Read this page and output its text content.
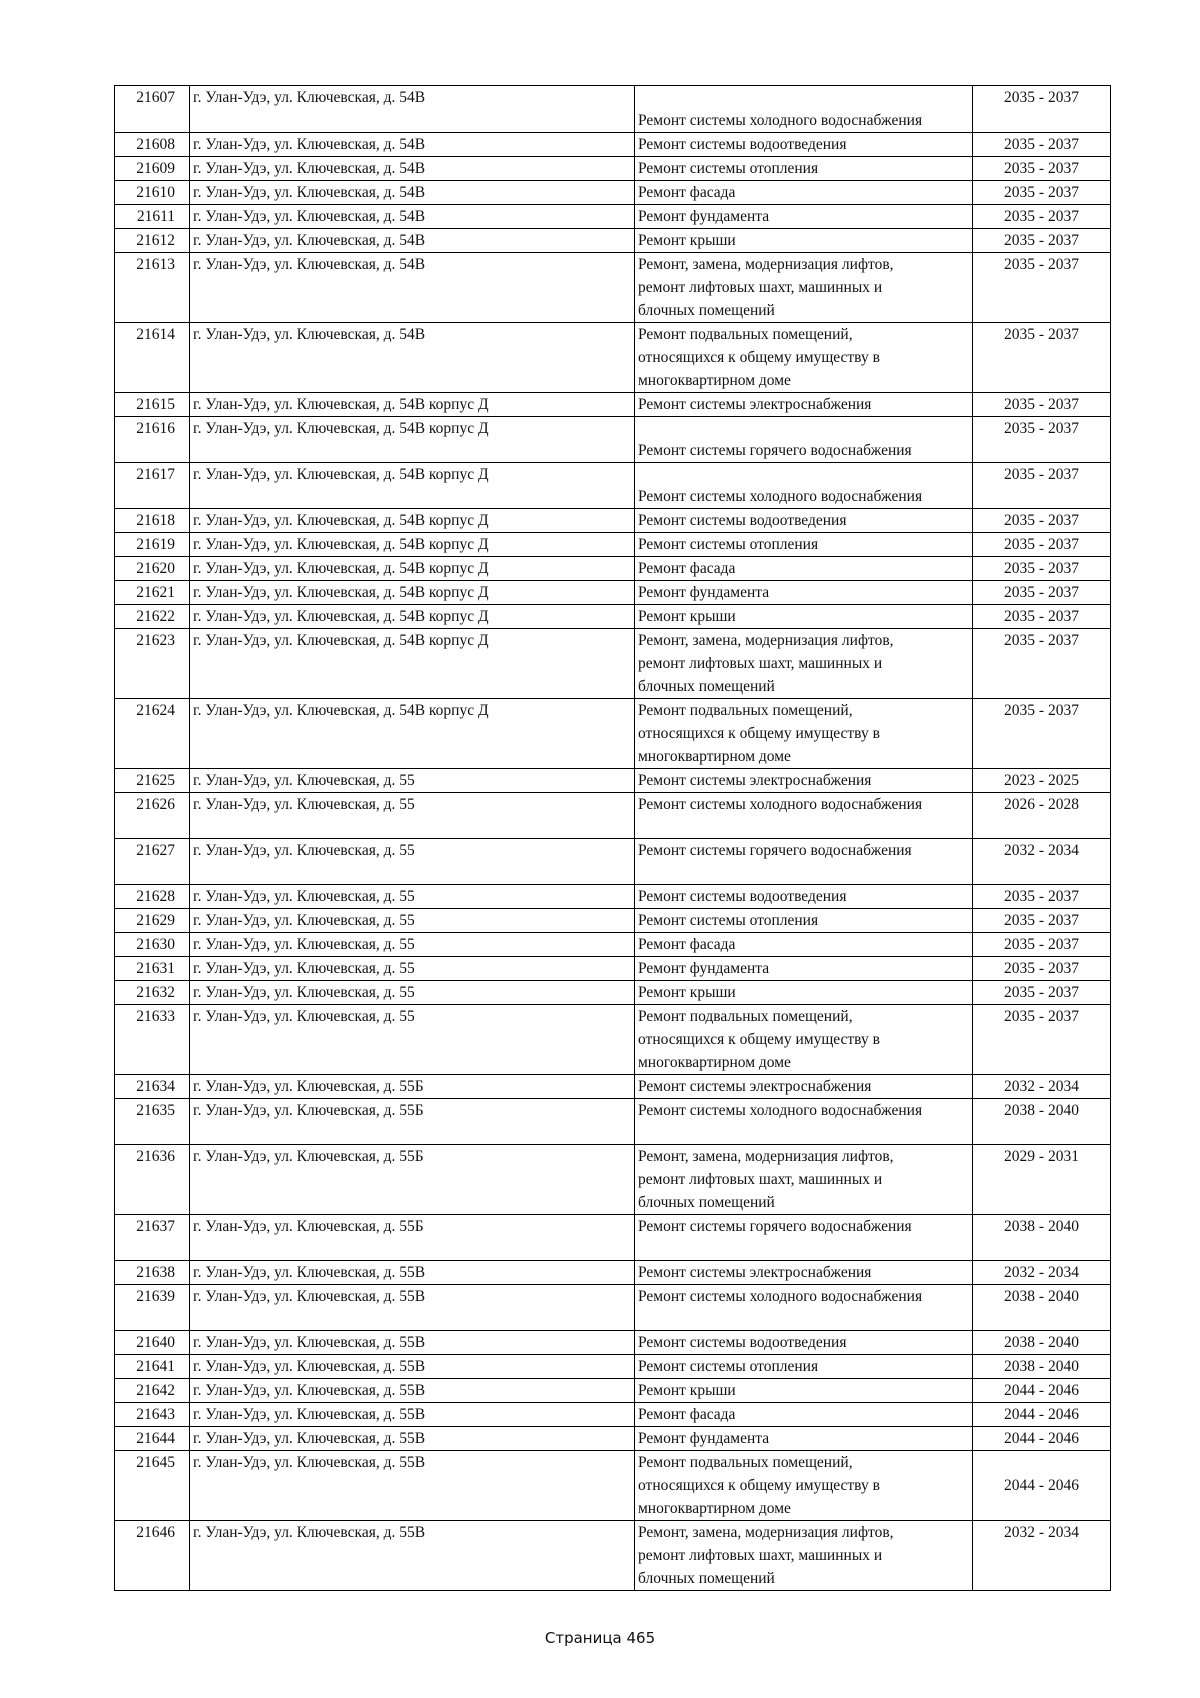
21607	г. Улан-Удэ, ул. Ключевская, д. 54В	Ремонт системы холодного водоснабжения	2035 - 2037
21608	г. Улан-Удэ, ул. Ключевская, д. 54В	Ремонт системы водоотведения	2035 - 2037
21609	г. Улан-Удэ, ул. Ключевская, д. 54В	Ремонт системы отопления	2035 - 2037
21610	г. Улан-Удэ, ул. Ключевская, д. 54В	Ремонт фасада	2035 - 2037
21611	г. Улан-Удэ, ул. Ключевская, д. 54В	Ремонт фундамента	2035 - 2037
21612	г. Улан-Удэ, ул. Ключевская, д. 54В	Ремонт крыши	2035 - 2037
21613	г. Улан-Удэ, ул. Ключевская, д. 54В	Ремонт, замена, модернизация лифтов,
ремонт лифтовых шахт, машинных и
блочных помещений	2035 - 2037
21614	г. Улан-Удэ, ул. Ключевская, д. 54В	Ремонт подвальных помещений,
относящихся к общему имуществу в
многоквартирном доме	2035 - 2037
21615	г. Улан-Удэ, ул. Ключевская, д. 54В корпус Д	Ремонт системы электроснабжения	2035 - 2037
21616	г. Улан-Удэ, ул. Ключевская, д. 54В корпус Д	Ремонт системы горячего водоснабжения	2035 - 2037
21617	г. Улан-Удэ, ул. Ключевская, д. 54В корпус Д	Ремонт системы холодного водоснабжения	2035 - 2037
21618	г. Улан-Удэ, ул. Ключевская, д. 54В корпус Д	Ремонт системы водоотведения	2035 - 2037
21619	г. Улан-Удэ, ул. Ключевская, д. 54В корпус Д	Ремонт системы отопления	2035 - 2037
21620	г. Улан-Удэ, ул. Ключевская, д. 54В корпус Д	Ремонт фасада	2035 - 2037
21621	г. Улан-Удэ, ул. Ключевская, д. 54В корпус Д	Ремонт фундамента	2035 - 2037
21622	г. Улан-Удэ, ул. Ключевская, д. 54В корпус Д	Ремонт крыши	2035 - 2037
21623	г. Улан-Удэ, ул. Ключевская, д. 54В корпус Д	Ремонт, замена, модернизация лифтов,
ремонт лифтовых шахт, машинных и
блочных помещений	2035 - 2037
21624	г. Улан-Удэ, ул. Ключевская, д. 54В корпус Д	Ремонт подвальных помещений,
относящихся к общему имуществу в
многоквартирном доме	2035 - 2037
21625	г. Улан-Удэ, ул. Ключевская, д. 55	Ремонт системы электроснабжения	2023 - 2025
21626	г. Улан-Удэ, ул. Ключевская, д. 55	Ремонт системы холодного водоснабжения	2026 - 2028
21627	г. Улан-Удэ, ул. Ключевская, д. 55	Ремонт системы горячего водоснабжения	2032 - 2034
21628	г. Улан-Удэ, ул. Ключевская, д. 55	Ремонт системы водоотведения	2035 - 2037
21629	г. Улан-Удэ, ул. Ключевская, д. 55	Ремонт системы отопления	2035 - 2037
21630	г. Улан-Удэ, ул. Ключевская, д. 55	Ремонт фасада	2035 - 2037
21631	г. Улан-Удэ, ул. Ключевская, д. 55	Ремонт фундамента	2035 - 2037
21632	г. Улан-Удэ, ул. Ключевская, д. 55	Ремонт крыши	2035 - 2037
21633	г. Улан-Удэ, ул. Ключевская, д. 55	Ремонт подвальных помещений,
относящихся к общему имуществу в
многоквартирном доме	2035 - 2037
21634	г. Улан-Удэ, ул. Ключевская, д. 55Б	Ремонт системы электроснабжения	2032 - 2034
21635	г. Улан-Удэ, ул. Ключевская, д. 55Б	Ремонт системы холодного водоснабжения	2038 - 2040
21636	г. Улан-Удэ, ул. Ключевская, д. 55Б	Ремонт, замена, модернизация лифтов,
ремонт лифтовых шахт, машинных и
блочных помещений	2029 - 2031
21637	г. Улан-Удэ, ул. Ключевская, д. 55Б	Ремонт системы горячего водоснабжения	2038 - 2040
21638	г. Улан-Удэ, ул. Ключевская, д. 55В	Ремонт системы электроснабжения	2032 - 2034
21639	г. Улан-Удэ, ул. Ключевская, д. 55В	Ремонт системы холодного водоснабжения	2038 - 2040
21640	г. Улан-Удэ, ул. Ключевская, д. 55В	Ремонт системы водоотведения	2038 - 2040
21641	г. Улан-Удэ, ул. Ключевская, д. 55В	Ремонт системы отопления	2038 - 2040
21642	г. Улан-Удэ, ул. Ключевская, д. 55В	Ремонт крыши	2044 - 2046
21643	г. Улан-Удэ, ул. Ключевская, д. 55В	Ремонт фасада	2044 - 2046
21644	г. Улан-Удэ, ул. Ключевская, д. 55В	Ремонт фундамента	2044 - 2046
21645	г. Улан-Удэ, ул. Ключевская, д. 55В	Ремонт подвальных помещений,
относящихся к общему имуществу в
многоквартирном доме	2044 - 2046
21646	г. Улан-Удэ, ул. Ключевская, д. 55В	Ремонт, замена, модернизация лифтов,
ремонт лифтовых шахт, машинных и
блочных помещений	2032 - 2034
Страница 465
